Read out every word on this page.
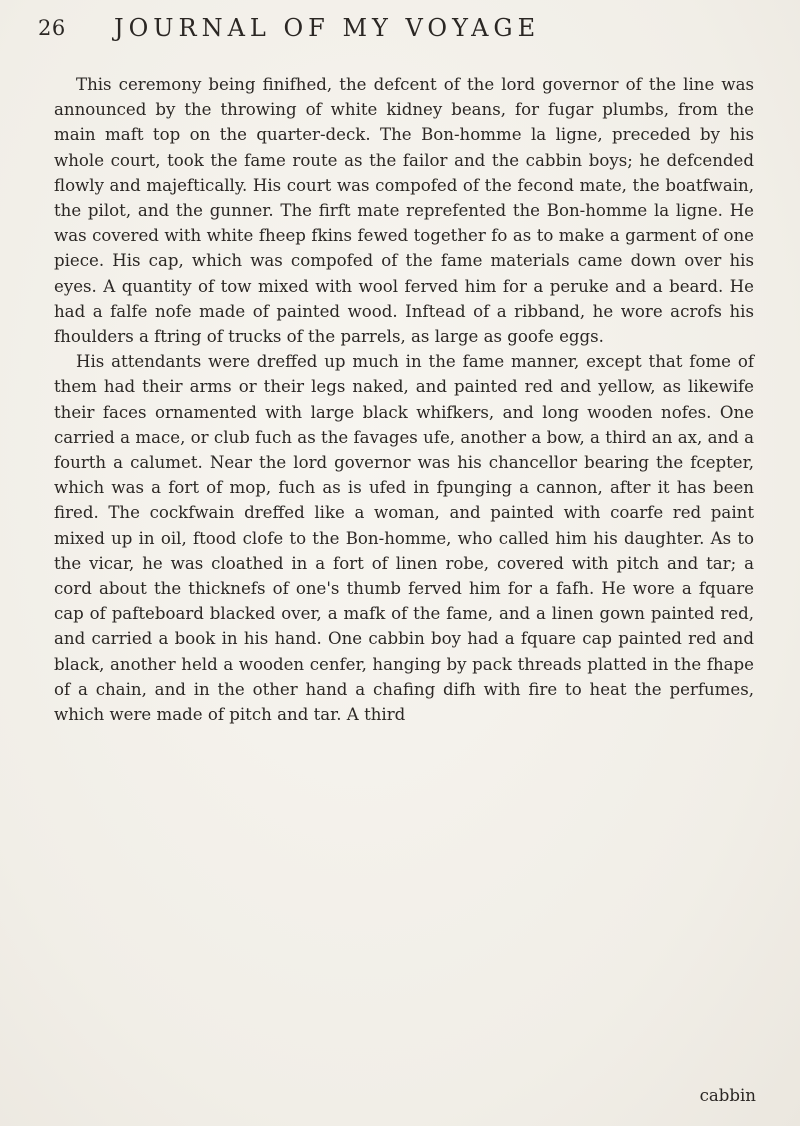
26 JOURNAL OF MY VOYAGE

This ceremony being finifhed, the defcent of the lord governor of the line was announced by the throwing of white kidney beans, for fugar plumbs, from the main maft top on the quarter-deck. The Bon-homme la ligne, preceded by his whole court, took the fame route as the failor and the cabbin boys; he defcended flowly and majeftically. His court was compofed of the fecond mate, the boatfwain, the pilot, and the gunner. The firft mate reprefented the Bon-homme la ligne. He was covered with white fheep fkins fewed together fo as to make a garment of one piece. His cap, which was compofed of the fame materials came down over his eyes. A quantity of tow mixed with wool ferved him for a peruke and a beard. He had a falfe nofe made of painted wood. Inftead of a ribband, he wore acrofs his fhoulders a ftring of trucks of the parrels, as large as goofe eggs.

His attendants were dreffed up much in the fame manner, except that fome of them had their arms or their legs naked, and painted red and yellow, as likewife their faces ornamented with large black whifkers, and long wooden nofes. One carried a mace, or club fuch as the favages ufe, another a bow, a third an ax, and a fourth a calumet. Near the lord governor was his chancellor bearing the fcepter, which was a fort of mop, fuch as is ufed in fpunging a cannon, after it has been fired. The cockfwain dreffed like a woman, and painted with coarfe red paint mixed up in oil, ftood clofe to the Bon-homme, who called him his daughter. As to the vicar, he was cloathed in a fort of linen robe, covered with pitch and tar; a cord about the thicknefs of one's thumb ferved him for a fafh. He wore a fquare cap of pafteboard blacked over, a mafk of the fame, and a linen gown painted red, and carried a book in his hand. One cabbin boy had a fquare cap painted red and black, another held a wooden cenfer, hanging by pack threads platted in the fhape of a chain, and in the other hand a chafing difh with fire to heat the perfumes, which were made of pitch and tar. A third

cabbin
